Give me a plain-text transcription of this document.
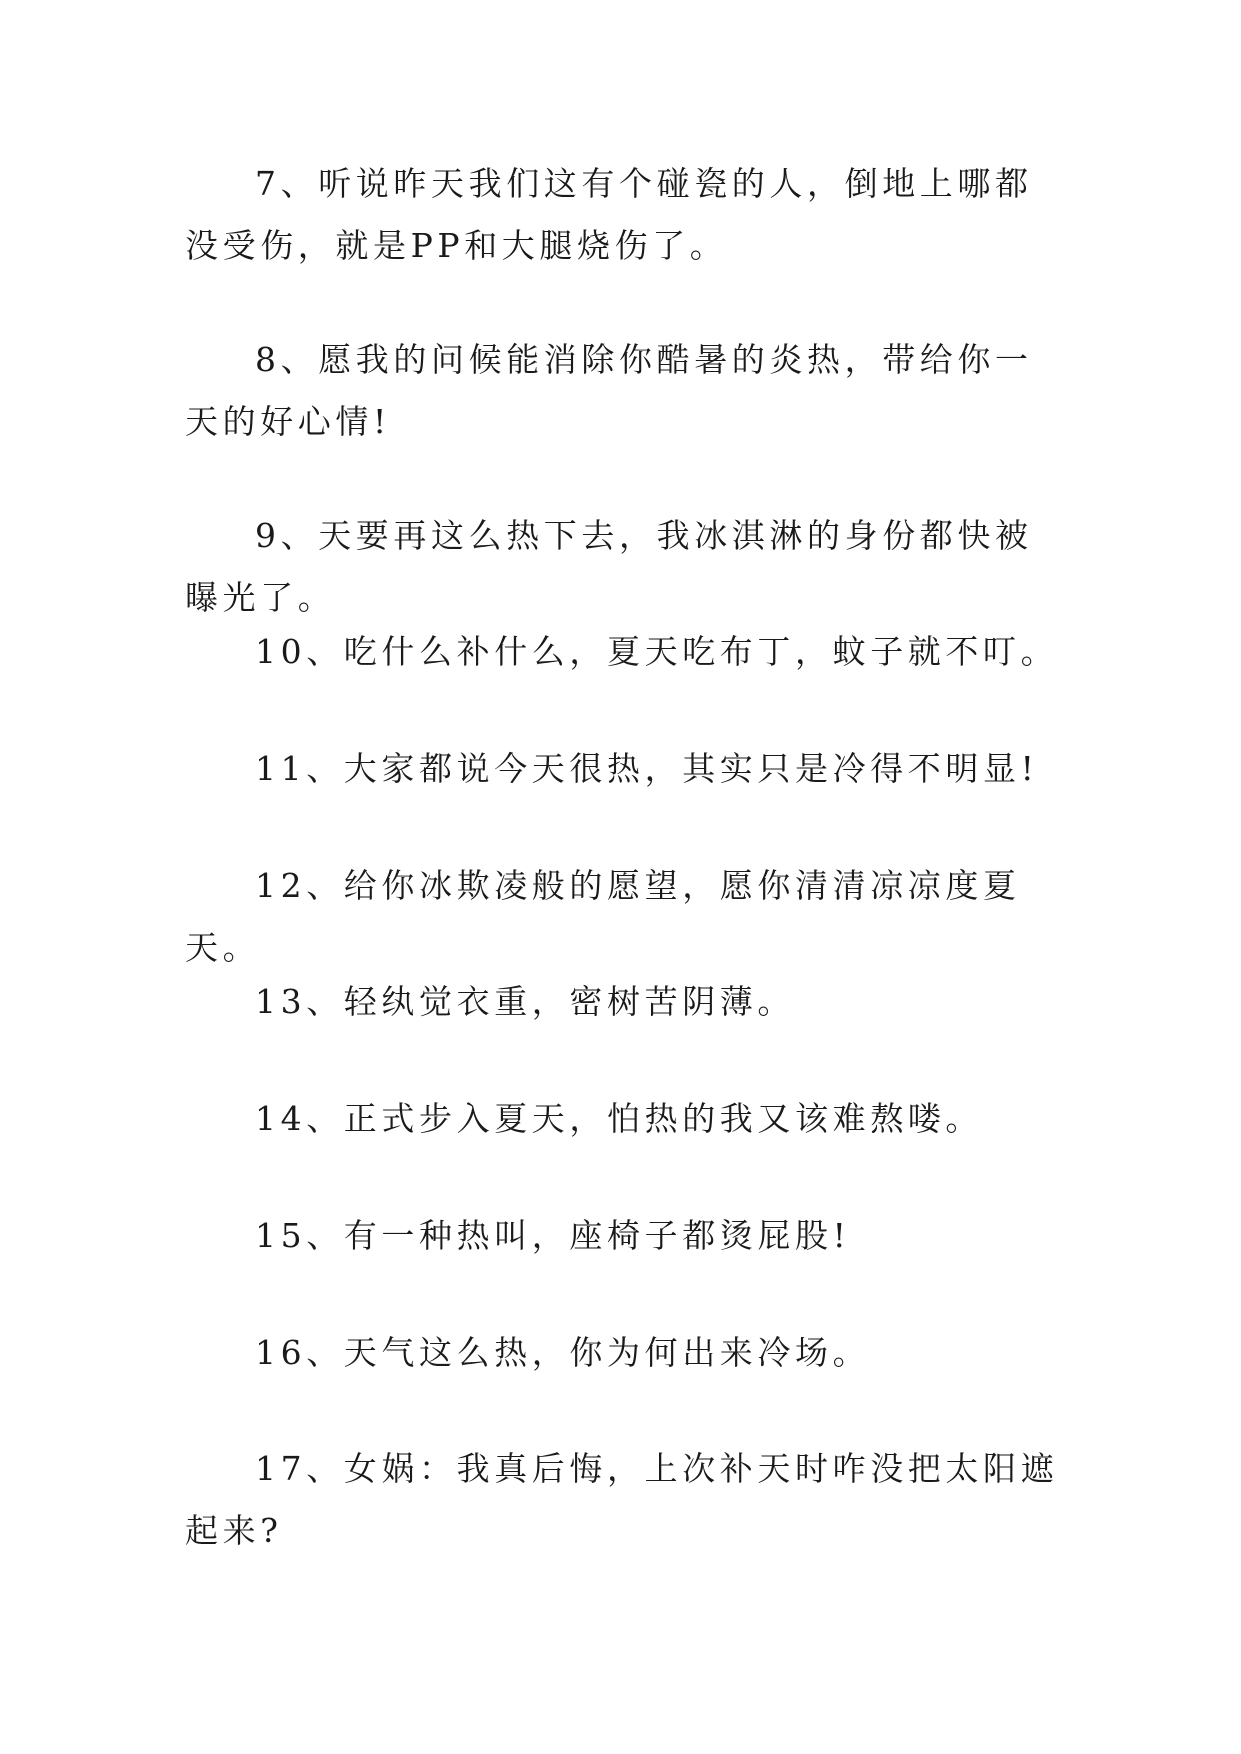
7、听说昨天我们这有个碰瓷的人，倒地上哪都没受伤，就是PP和大腿烧伤了。

8、愿我的问候能消除你酷暑的炎热，带给你一天的好心情!

9、天要再这么热下去，我冰淇淋的身份都快被曝光了。

10、吃什么补什么，夏天吃布丁，蚊子就不叮。

11、大家都说今天很热，其实只是冷得不明显!

12、给你冰欺凌般的愿望，愿你清清凉凉度夏天。

13、轻纨觉衣重，密树苦阴薄。

14、正式步入夏天，怕热的我又该难熬喽。

15、有一种热叫，座椅子都烫屁股!

16、天气这么热，你为何出来冷场。

17、女娲：我真后悔，上次补天时咋没把太阳遮起来?
